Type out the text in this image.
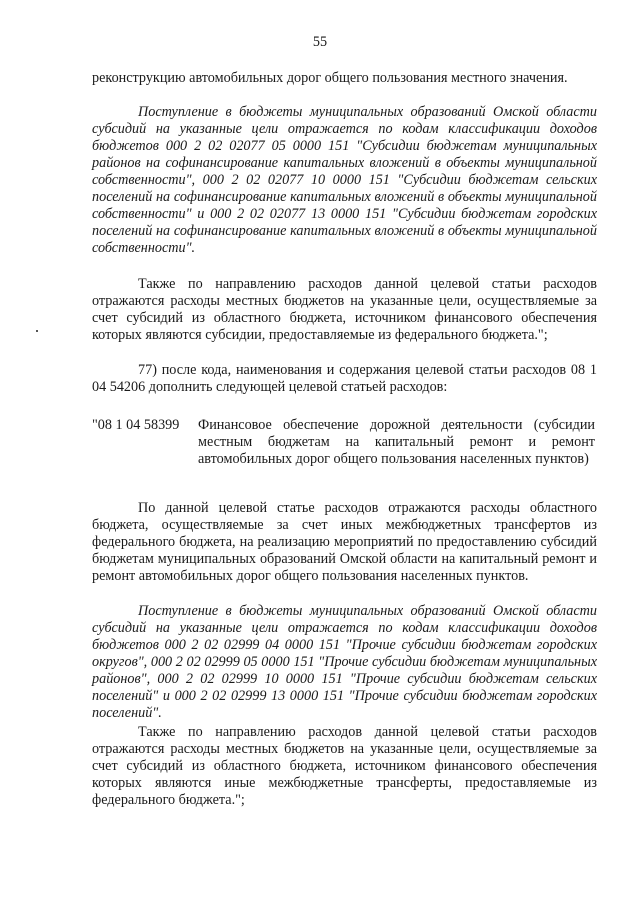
55

реконструкцию автомобильных дорог общего пользования местного значения.

Поступление в бюджеты муниципальных образований Омской области субсидий на указанные цели отражается по кодам классификации доходов бюджетов 000 2 02 02077 05 0000 151 "Субсидии бюджетам муниципальных районов на софинансирование капитальных вложений в объекты муниципальной собственности", 000 2 02 02077 10 0000 151 "Субсидии бюджетам сельских поселений на софинансирование капитальных вложений в объекты муниципальной собственности" и 000 2 02 02077 13 0000 151 "Субсидии бюджетам городских поселений на софинансирование капитальных вложений в объекты муниципальной собственности".

Также по направлению расходов данной целевой статьи расходов отражаются расходы местных бюджетов на указанные цели, осуществляемые за счет субсидий из областного бюджета, источником финансового обеспечения которых являются субсидии, предоставляемые из федерального бюджета.";

77) после кода, наименования и содержания целевой статьи расходов 08 1 04 54206 дополнить следующей целевой статьей расходов:

"08 1 04 58399 Финансовое обеспечение дорожной деятельности (субсидии местным бюджетам на капитальный ремонт и ремонт автомобильных дорог общего пользования населенных пунктов)

По данной целевой статье расходов отражаются расходы областного бюджета, осуществляемые за счет иных межбюджетных трансфертов из федерального бюджета, на реализацию мероприятий по предоставлению субсидий бюджетам муниципальных образований Омской области на капитальный ремонт и ремонт автомобильных дорог общего пользования населенных пунктов.

Поступление в бюджеты муниципальных образований Омской области субсидий на указанные цели отражается по кодам классификации доходов бюджетов 000 2 02 02999 04 0000 151 "Прочие субсидии бюджетам городских округов", 000 2 02 02999 05 0000 151 "Прочие субсидии бюджетам муниципальных районов", 000 2 02 02999 10 0000 151 "Прочие субсидии бюджетам сельских поселений" и 000 2 02 02999 13 0000 151 "Прочие субсидии бюджетам городских поселений".

Также по направлению расходов данной целевой статьи расходов отражаются расходы местных бюджетов на указанные цели, осуществляемые за счет субсидий из областного бюджета, источником финансового обеспечения которых являются иные межбюджетные трансферты, предоставляемые из федерального бюджета.";
